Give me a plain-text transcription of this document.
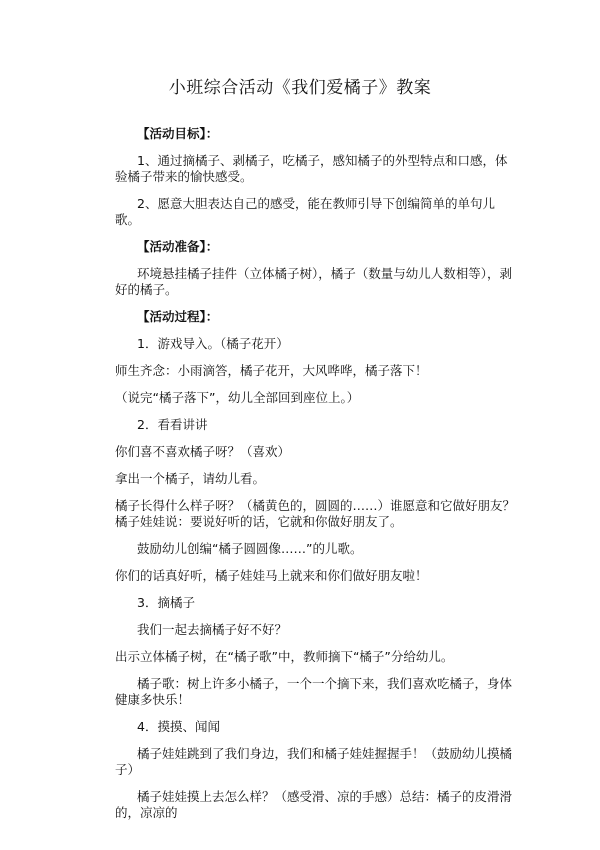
小班综合活动《我们爱橘子》教案
【活动目标】：
1、通过摘橘子、剥橘子，吃橘子，感知橘子的外型特点和口感，体验橘子带来的愉快感受。
2、愿意大胆表达自己的感受，能在教师引导下创编简单的单句儿歌。
【活动准备】：
环境悬挂橘子挂件（立体橘子树），橘子（数量与幼儿人数相等），剥好的橘子。
【活动过程】：
1．游戏导入。（橘子花开）
师生齐念：小雨滴答，橘子花开，大风哗哗，橘子落下！
（说完“橘子落下”，幼儿全部回到座位上。）
2．看看讲讲
你们喜不喜欢橘子呀？（喜欢）
拿出一个橘子，请幼儿看。
橘子长得什么样子呀？（橘黄色的，圆圆的……）谁愿意和它做好朋友？橘子娃娃说：要说好听的话，它就和你做好朋友了。
鼓励幼儿创编“橘子圆圆像……”的儿歌。
你们的话真好听，橘子娃娃马上就来和你们做好朋友啦！
3．摘橘子
我们一起去摘橘子好不好？
出示立体橘子树，在“橘子歌”中，教师摘下“橘子”分给幼儿。
橘子歌：树上许多小橘子，一个一个摘下来，我们喜欢吃橘子，身体健康多快乐！
4．摸摸、闻闻
橘子娃娃跳到了我们身边，我们和橘子娃娃握握手！（鼓励幼儿摸橘子）
橘子娃娃摸上去怎么样？（感受滑、凉的手感）总结：橘子的皮滑滑的，凉凉的
